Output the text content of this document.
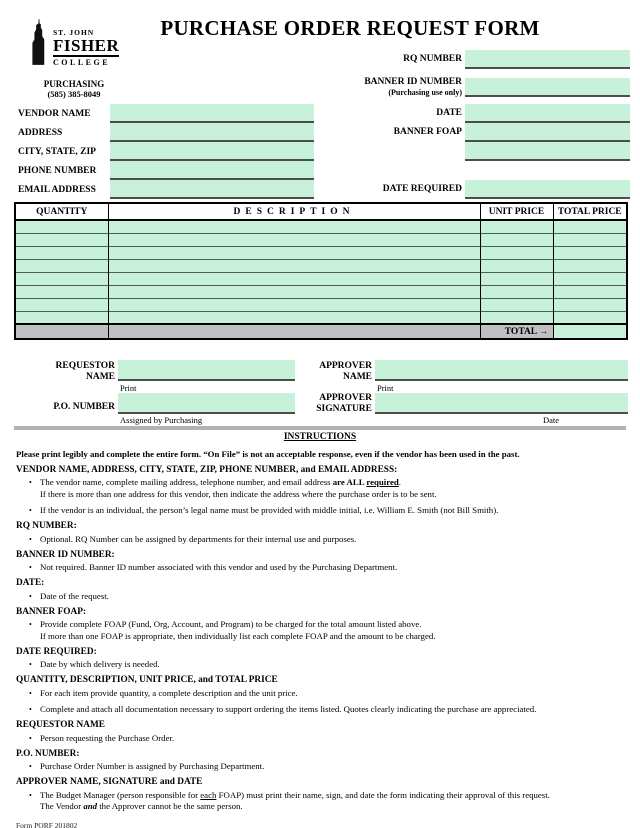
ST. JOHN
FISHER
COLLEGE
PURCHASE ORDER REQUEST FORM
PURCHASING
(585) 385-8049
RQ NUMBER
BANNER ID NUMBER
(Purchasing use only)
DATE
BANNER FOAP
DATE REQUIRED
VENDOR NAME
ADDRESS
CITY, STATE, ZIP
PHONE NUMBER
EMAIL ADDRESS
QUANTITY	DESCRIPTION	UNIT PRICE	TOTAL PRICE

		TOTAL →	
REQUESTOR
NAME
Print
P.O. NUMBER
Assigned by Purchasing
APPROVER
NAME
Print
APPROVER
SIGNATURE
Date
INSTRUCTIONS

Please print legibly and complete the entire form. “On File” is not an acceptable response, even if the vendor has been used in the past.

VENDOR NAME, ADDRESS, CITY, STATE, ZIP, PHONE NUMBER, and EMAIL ADDRESS:
• The vendor name, complete mailing address, telephone number, and email address are ALL required.
If there is more than one address for this vendor, then indicate the address where the purchase order is to be sent.
• If the vendor is an individual, the person’s legal name must be provided with middle initial, i.e. William E. Smith (not Bill Smith).
RQ NUMBER:
• Optional. RQ Number can be assigned by departments for their internal use and purposes.
BANNER ID NUMBER:
• Not required. Banner ID number associated with this vendor and used by the Purchasing Department.
DATE:
• Date of the request.
BANNER FOAP:
• Provide complete FOAP (Fund, Org, Account, and Program) to be charged for the total amount listed above.
If more than one FOAP is appropriate, then individually list each complete FOAP and the amount to be charged.
DATE REQUIRED:
• Date by which delivery is needed.
QUANTITY, DESCRIPTION, UNIT PRICE, and TOTAL PRICE
• For each item provide quantity, a complete description and the unit price.
• Complete and attach all documentation necessary to support ordering the items listed. Quotes clearly indicating the purchase are appreciated.
REQUESTOR NAME
• Person requesting the Purchase Order.
P.O. NUMBER:
• Purchase Order Number is assigned by Purchasing Department.
APPROVER NAME, SIGNATURE and DATE
• The Budget Manager (person responsible for each FOAP) must print their name, sign, and date the form indicating their approval of this request.
The Vendor and the Approver cannot be the same person.
Form PORF 201802
